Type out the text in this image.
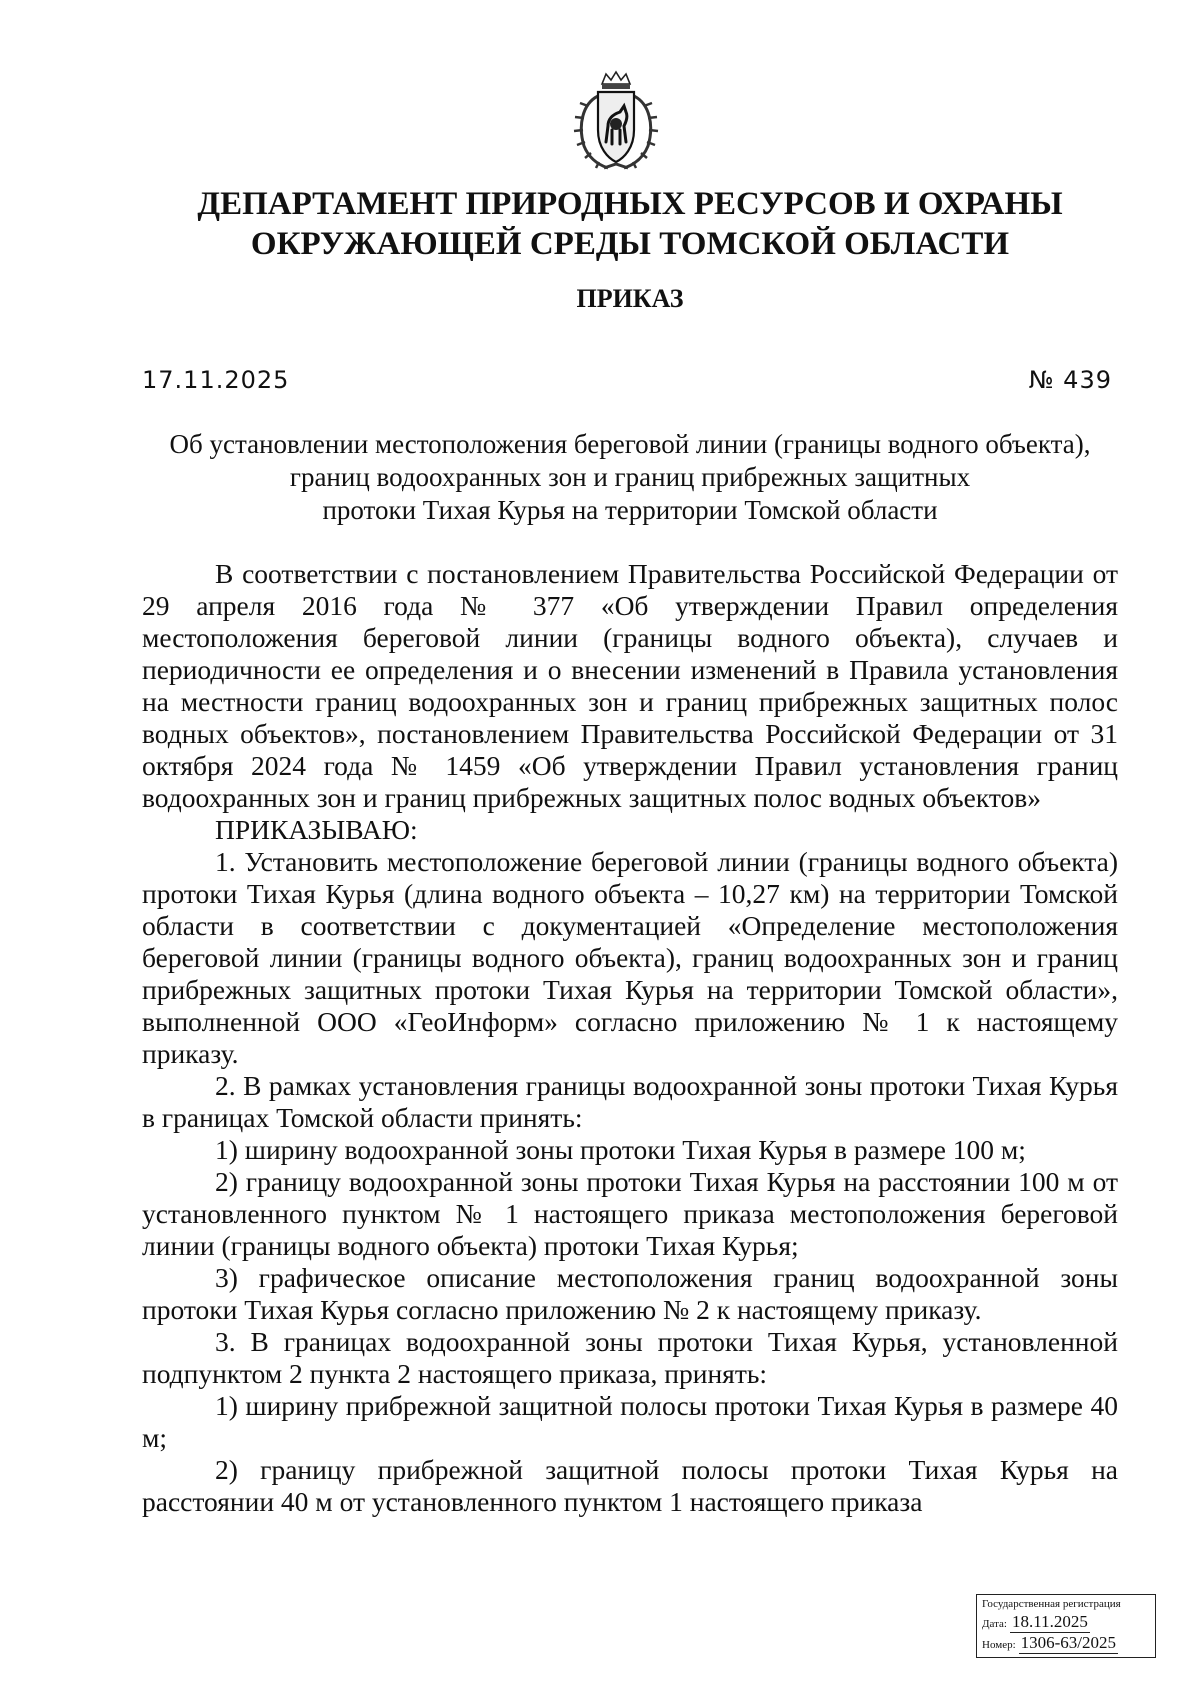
ДЕПАРТАМЕНТ ПРИРОДНЫХ РЕСУРСОВ И ОХРАНЫ
ОКРУЖАЮЩЕЙ СРЕДЫ ТОМСКОЙ ОБЛАСТИ
ПРИКАЗ
17.11.2025	№ 439
Об установлении местоположения береговой линии (границы водного объекта),
границ водоохранных зон и границ прибрежных защитных
протоки Тихая Курья на территории Томской области

В соответствии с постановлением Правительства Российской Федерации от 29 апреля 2016 года № 377 «Об утверждении Правил определения местоположения береговой линии (границы водного объекта), случаев и периодичности ее определения и о внесении изменений в Правила установления на местности границ водоохранных зон и границ прибрежных защитных полос водных объектов», постановлением Правительства Российской Федерации от 31 октября 2024 года № 1459 «Об утверждении Правил установления границ водоохранных зон и границ прибрежных защитных полос водных объектов»

ПРИКАЗЫВАЮ:

1. Установить местоположение береговой линии (границы водного объекта) протоки Тихая Курья (длина водного объекта – 10,27 км) на территории Томской области в соответствии с документацией «Определение местоположения береговой линии (границы водного объекта), границ водоохранных зон и границ прибрежных защитных протоки Тихая Курья на территории Томской области», выполненной ООО «ГеоИнформ» согласно приложению № 1 к настоящему приказу.

2. В рамках установления границы водоохранной зоны протоки Тихая Курья в границах Томской области принять:

1) ширину водоохранной зоны протоки Тихая Курья в размере 100 м;

2) границу водоохранной зоны протоки Тихая Курья на расстоянии 100 м от установленного пунктом № 1 настоящего приказа местоположения береговой линии (границы водного объекта) протоки Тихая Курья;

3) графическое описание местоположения границ водоохранной зоны протоки Тихая Курья согласно приложению № 2 к настоящему приказу.

3. В границах водоохранной зоны протоки Тихая Курья, установленной подпунктом 2 пункта 2 настоящего приказа, принять:

1) ширину прибрежной защитной полосы протоки Тихая Курья в размере 40 м;

2) границу прибрежной защитной полосы протоки Тихая Курья на расстоянии 40 м от установленного пунктом 1 настоящего приказа

Государственная регистрация
Дата: 18.11.2025
Номер: 1306-63/2025
